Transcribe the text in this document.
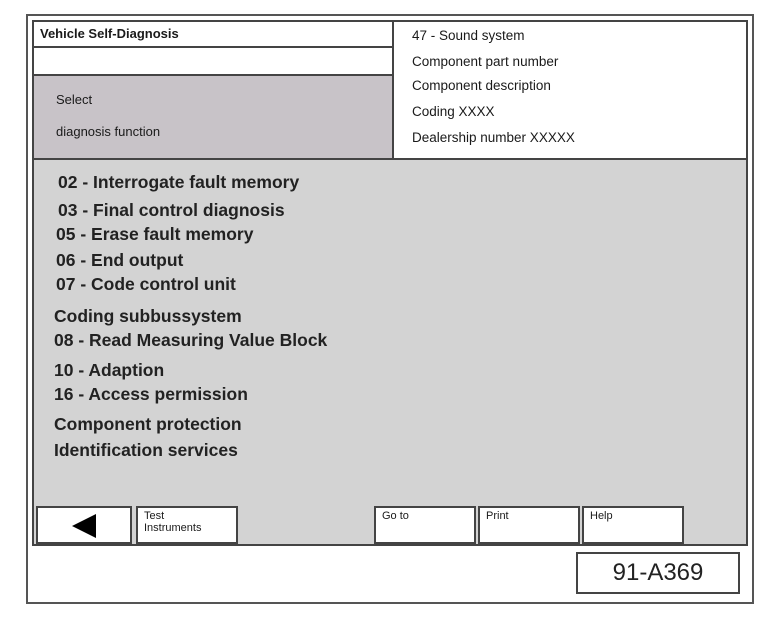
Vehicle Self-Diagnosis
Select
diagnosis function
47 - Sound system
Component part number
Component description
Coding XXXX
Dealership number XXXXX
02 - Interrogate fault memory
03 - Final control diagnosis
05 - Erase fault memory
06 - End output
07 - Code control unit
Coding subbussystem
08 - Read Measuring Value Block
10 - Adaption
16 - Access permission
Component protection
Identification services
Test
Instruments
Go to	Print	Help
91-A369
